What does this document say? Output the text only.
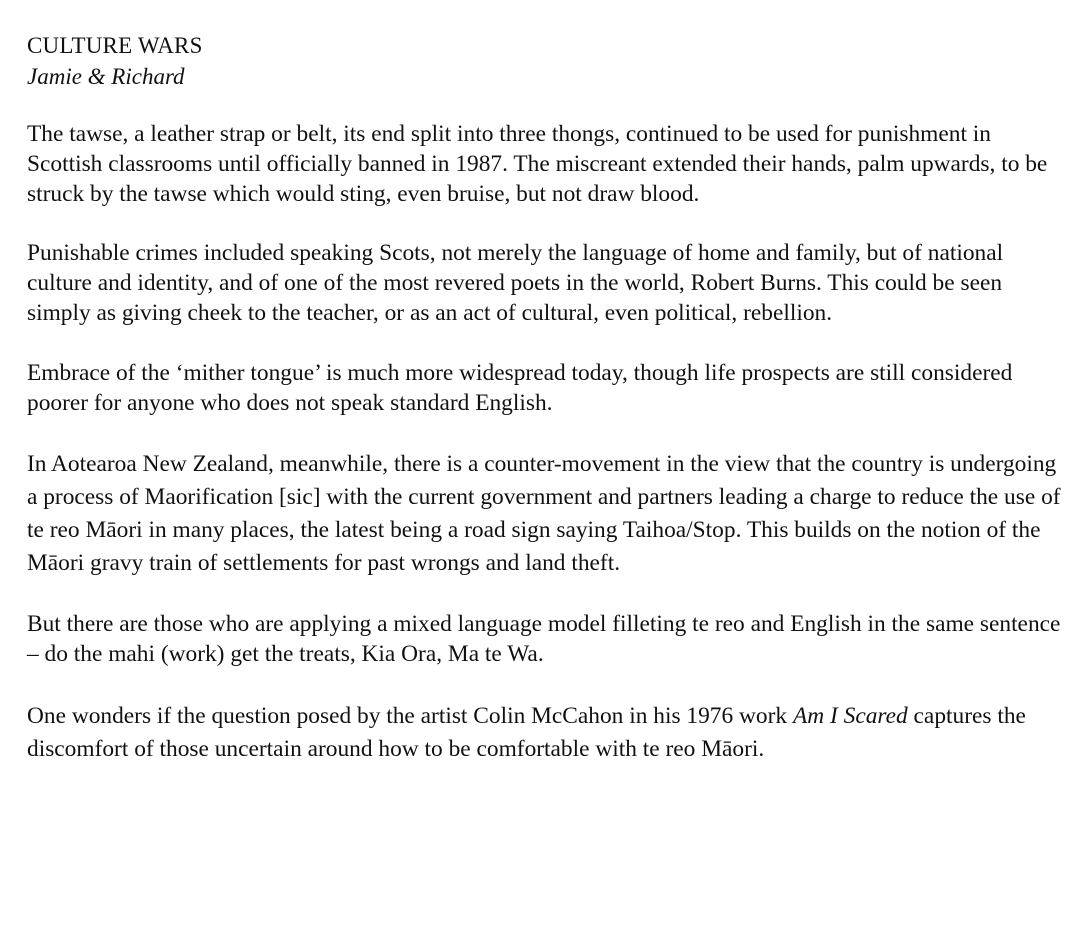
CULTURE WARS
Jamie & Richard

The tawse, a leather strap or belt, its end split into three thongs, continued to be used for punishment in Scottish classrooms until officially banned in 1987. The miscreant extended their hands, palm upwards, to be struck by the tawse which would sting, even bruise, but not draw blood.

Punishable crimes included speaking Scots, not merely the language of home and family, but of national culture and identity, and of one of the most revered poets in the world, Robert Burns. This could be seen simply as giving cheek to the teacher, or as an act of cultural, even political, rebellion.

Embrace of the ‘mither tongue’ is much more widespread today, though life prospects are still considered poorer for anyone who does not speak standard English.

In Aotearoa New Zealand, meanwhile, there is a counter-movement in the view that the country is undergoing a process of Maorification [sic] with the current government and partners leading a charge to reduce the use of te reo Māori in many places, the latest being a road sign saying Taihoa/Stop. This builds on the notion of the Māori gravy train of settlements for past wrongs and land theft.

But there are those who are applying a mixed language model filleting te reo and English in the same sentence – do the mahi (work) get the treats, Kia Ora, Ma te Wa.

One wonders if the question posed by the artist Colin McCahon in his 1976 work Am I Scared captures the discomfort of those uncertain around how to be comfortable with te reo Māori.
